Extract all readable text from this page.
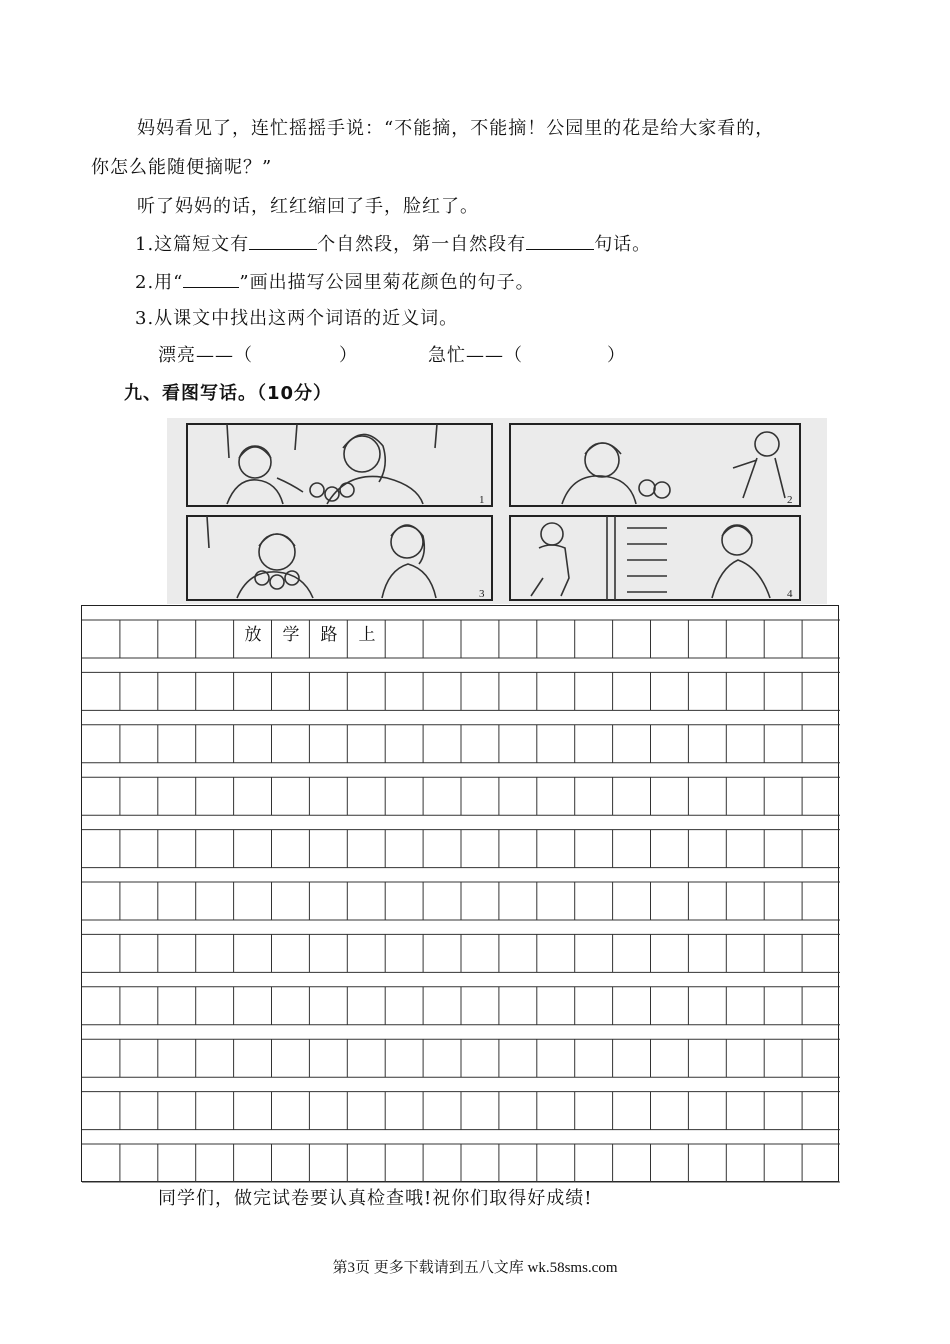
妈妈看见了，连忙摇摇手说：“不能摘，不能摘！公园里的花是给大家看的，
你怎么能随便摘呢？”
听了妈妈的话，红红缩回了手，脸红了。
1.这篇短文有	个自然段，第一自然段有	句话。
2.用“	”画出描写公园里菊花颜色的句子。
3.从课文中找出这两个词语的近义词。
漂亮——（	）	急忙——（	）
九、看图写话。（10分）
1	2
3	4
放	学	路	上
同学们，做完试卷要认真检查哦!祝你们取得好成绩!
第3页 更多下载请到五八文库 wk.58sms.com
